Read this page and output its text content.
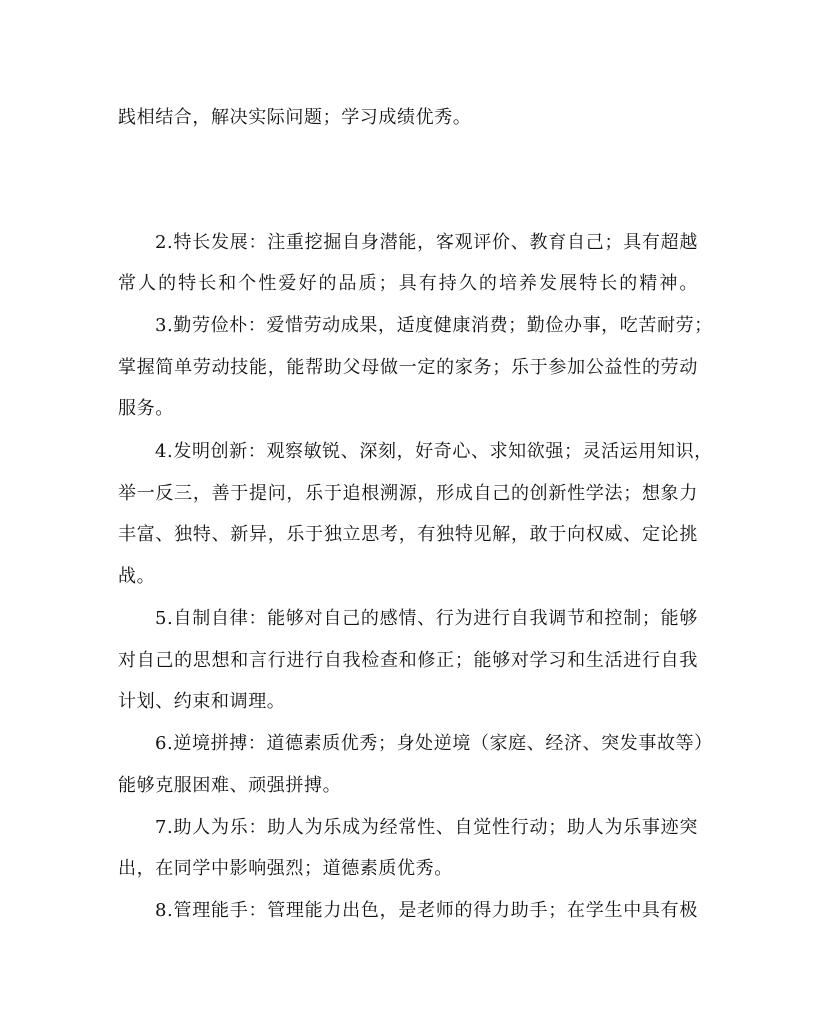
践相结合，解决实际问题；学习成绩优秀。
2.特长发展：注重挖掘自身潜能，客观评价、教育自己；具有超越
常人的特长和个性爱好的品质；具有持久的培养发展特长的精神。
3.勤劳俭朴：爱惜劳动成果，适度健康消费；勤俭办事，吃苦耐劳；
掌握简单劳动技能，能帮助父母做一定的家务；乐于参加公益性的劳动
服务。
4.发明创新：观察敏锐、深刻，好奇心、求知欲强；灵活运用知识，
举一反三，善于提问，乐于追根溯源，形成自己的创新性学法；想象力
丰富、独特、新异，乐于独立思考，有独特见解，敢于向权威、定论挑
战。
5.自制自律：能够对自己的感情、行为进行自我调节和控制；能够
对自己的思想和言行进行自我检查和修正；能够对学习和生活进行自我
计划、约束和调理。
6.逆境拼搏：道德素质优秀；身处逆境（家庭、经济、突发事故等）
能够克服困难、顽强拼搏。
7.助人为乐：助人为乐成为经常性、自觉性行动；助人为乐事迹突
出，在同学中影响强烈；道德素质优秀。
8.管理能手：管理能力出色，是老师的得力助手；在学生中具有极
